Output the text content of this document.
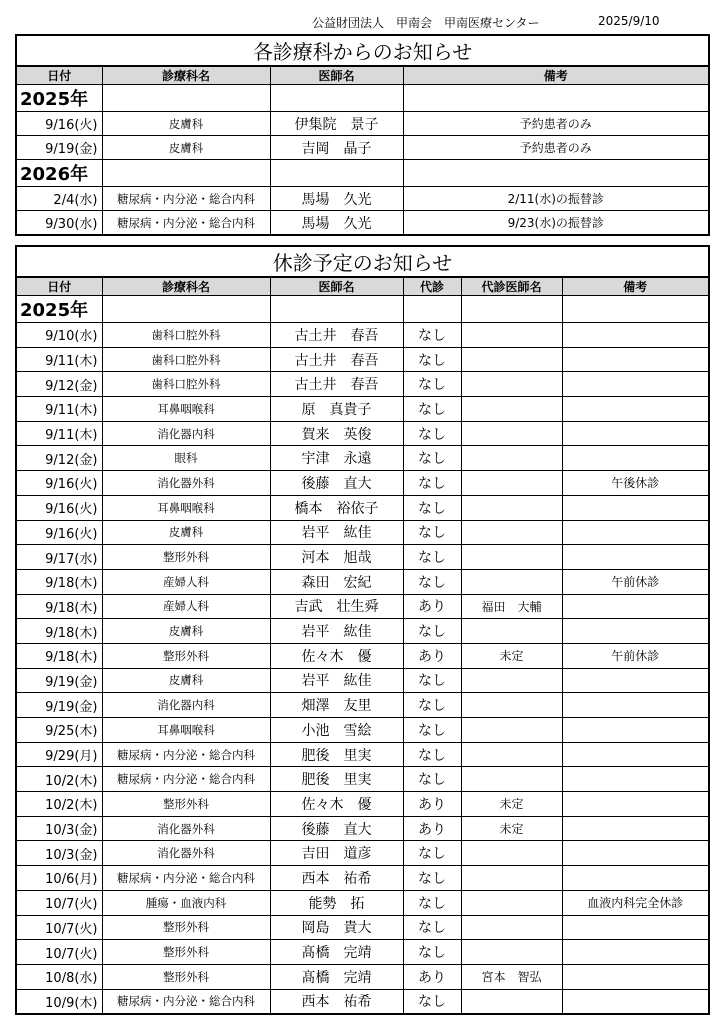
公益財団法人　甲南会　甲南医療センター	2025/9/10
各診療科からのお知らせ			
日付	診療科名	医師名	備考
2025年			
9/16(火)	皮膚科	伊集院　景子	予約患者のみ
9/19(金)	皮膚科	吉岡　晶子	予約患者のみ
2026年			
2/4(水)	糖尿病・内分泌・総合内科	馬場　久光	2/11(水)の振替診
9/30(水)	糖尿病・内分泌・総合内科	馬場　久光	9/23(水)の振替診
休診予定のお知らせ					
日付	診療科名	医師名	代診	代診医師名	備考
2025年					
9/10(水)	歯科口腔外科	古土井　春吾	なし		
9/11(木)	歯科口腔外科	古土井　春吾	なし		
9/12(金)	歯科口腔外科	古土井　春吾	なし		
9/11(木)	耳鼻咽喉科	原　真貴子	なし		
9/11(木)	消化器内科	賀来　英俊	なし		
9/12(金)	眼科	宇津　永遠	なし		
9/16(火)	消化器外科	後藤　直大	なし		午後休診
9/16(火)	耳鼻咽喉科	橋本　裕依子	なし		
9/16(火)	皮膚科	岩平　紘佳	なし		
9/17(水)	整形外科	河本　旭哉	なし		
9/18(木)	産婦人科	森田　宏紀	なし		午前休診
9/18(木)	産婦人科	吉武　壮生舜	あり	福田　大輔	
9/18(木)	皮膚科	岩平　紘佳	なし		
9/18(木)	整形外科	佐々木　優	あり	未定	午前休診
9/19(金)	皮膚科	岩平　紘佳	なし		
9/19(金)	消化器内科	畑澤　友里	なし		
9/25(木)	耳鼻咽喉科	小池　雪絵	なし		
9/29(月)	糖尿病・内分泌・総合内科	肥後　里実	なし		
10/2(木)	糖尿病・内分泌・総合内科	肥後　里実	なし		
10/2(木)	整形外科	佐々木　優	あり	未定	
10/3(金)	消化器外科	後藤　直大	あり	未定	
10/3(金)	消化器外科	吉田　道彦	なし		
10/6(月)	糖尿病・内分泌・総合内科	西本　祐希	なし		
10/7(火)	腫瘍・血液内科	能勢　拓	なし		血液内科完全休診
10/7(火)	整形外科	岡島　貴大	なし		
10/7(火)	整形外科	髙橋　完靖	なし		
10/8(水)	整形外科	髙橋　完靖	あり	宮本　智弘	
10/9(木)	糖尿病・内分泌・総合内科	西本　祐希	なし		
